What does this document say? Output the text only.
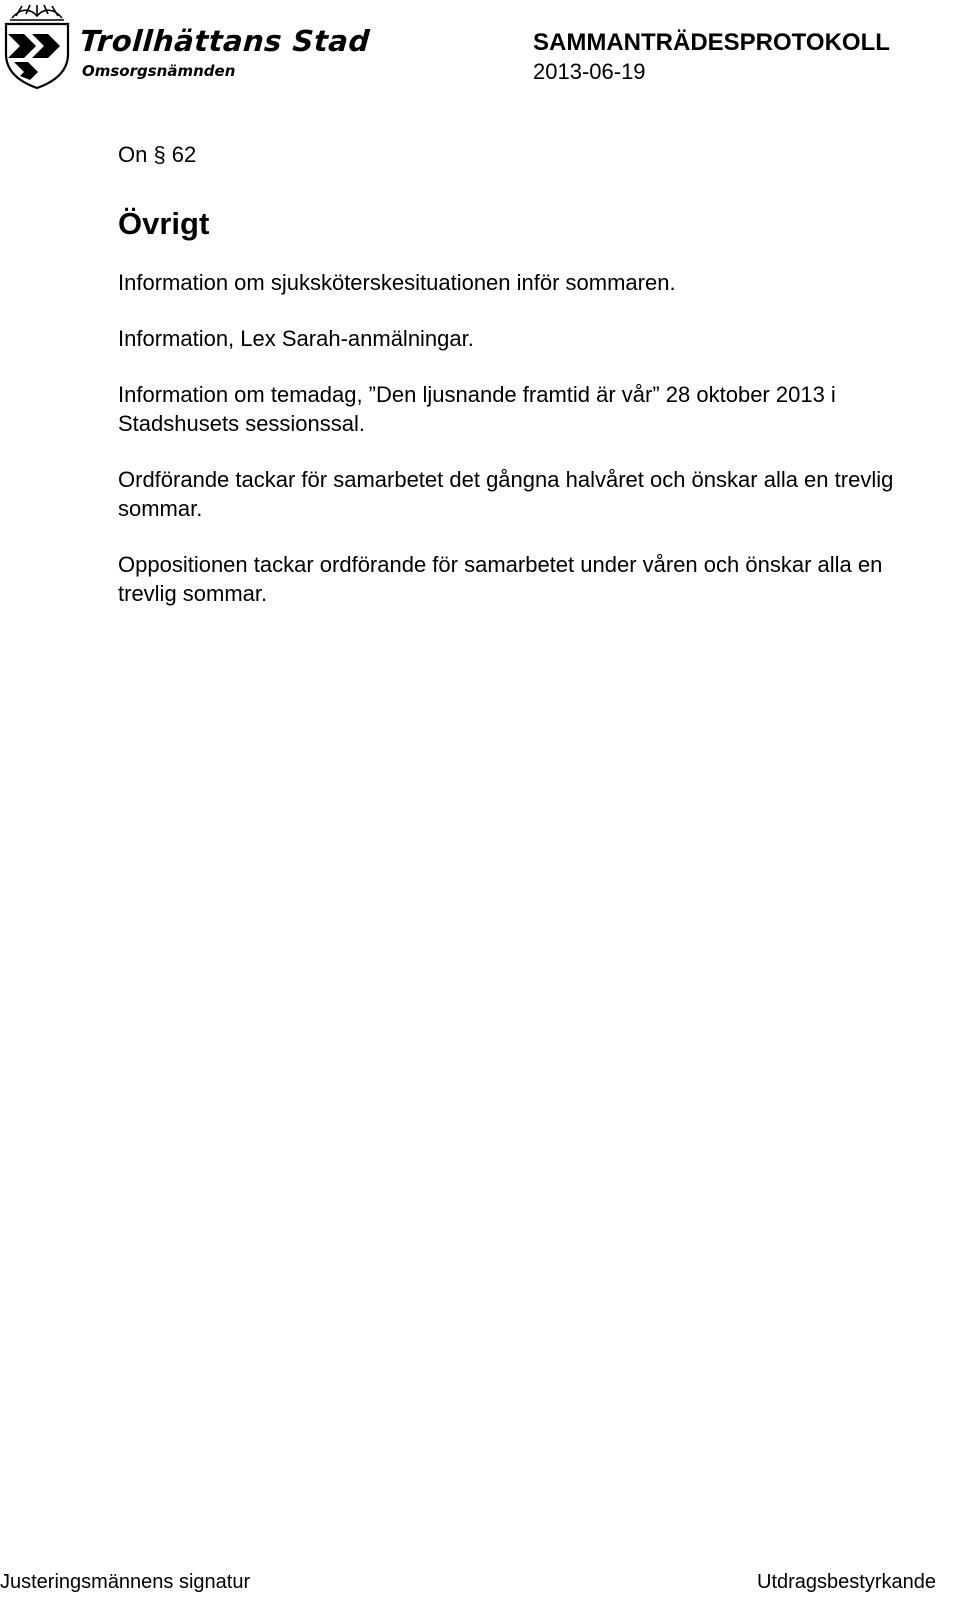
Trollhättans Stad
Omsorgsnämnden
SAMMANTRÄDESPROTOKOLL
2013-06-19

On § 62

Övrigt

Information om sjuksköterskesituationen inför sommaren.

Information, Lex Sarah-anmälningar.

Information om temadag, ”Den ljusnande framtid är vår” 28 oktober 2013 i Stadshusets sessionssal.

Ordförande tackar för samarbetet det gångna halvåret och önskar alla en trevlig sommar.

Oppositionen tackar ordförande för samarbetet under våren och önskar alla en trevlig sommar.

Justeringsmännens signatur	Utdragsbestyrkande
